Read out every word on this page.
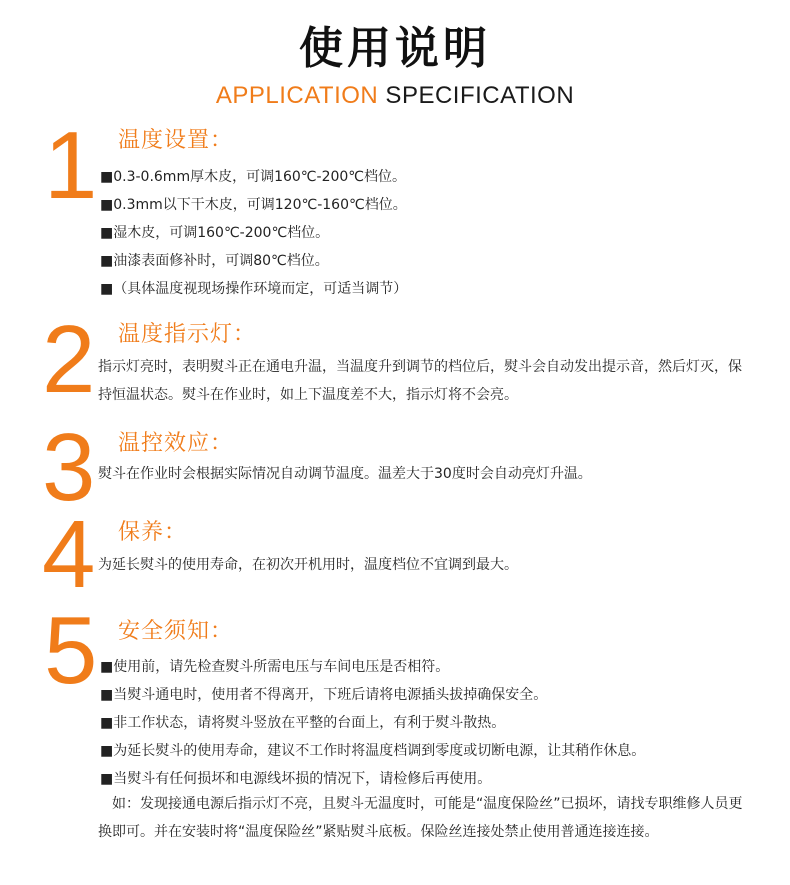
使用说明
APPLICATION SPECIFICATION
1 温度设置：
■0.3-0.6mm厚木皮，可调160℃-200℃档位。
■0.3mm以下干木皮，可调120℃-160℃档位。
■湿木皮，可调160℃-200℃档位。
■油漆表面修补时，可调80℃档位。
■（具体温度视现场操作环境而定，可适当调节）
2 温度指示灯：
指示灯亮时，表明熨斗正在通电升温，当温度升到调节的档位后，熨斗会自动发出提示音，然后灯灭，保持恒温状态。熨斗在作业时，如上下温度差不大，指示灯将不会亮。
3 温控效应：
熨斗在作业时会根据实际情况自动调节温度。温差大于30度时会自动亮灯升温。
4 保养：
为延长熨斗的使用寿命，在初次开机用时，温度档位不宜调到最大。
5 安全须知：
■使用前，请先检查熨斗所需电压与车间电压是否相符。
■当熨斗通电时，使用者不得离开，下班后请将电源插头拔掉确保安全。
■非工作状态，请将熨斗竖放在平整的台面上，有利于熨斗散热。
■为延长熨斗的使用寿命，建议不工作时将温度档调到零度或切断电源，让其稍作休息。
■当熨斗有任何损坏和电源线坏损的情况下，请检修后再使用。
如：发现接通电源后指示灯不亮，且熨斗无温度时，可能是“温度保险丝”已损坏，请找专职维修人员更换即可。并在安装时将“温度保险丝”紧贴熨斗底板。保险丝连接处禁止使用普通连接连接。
